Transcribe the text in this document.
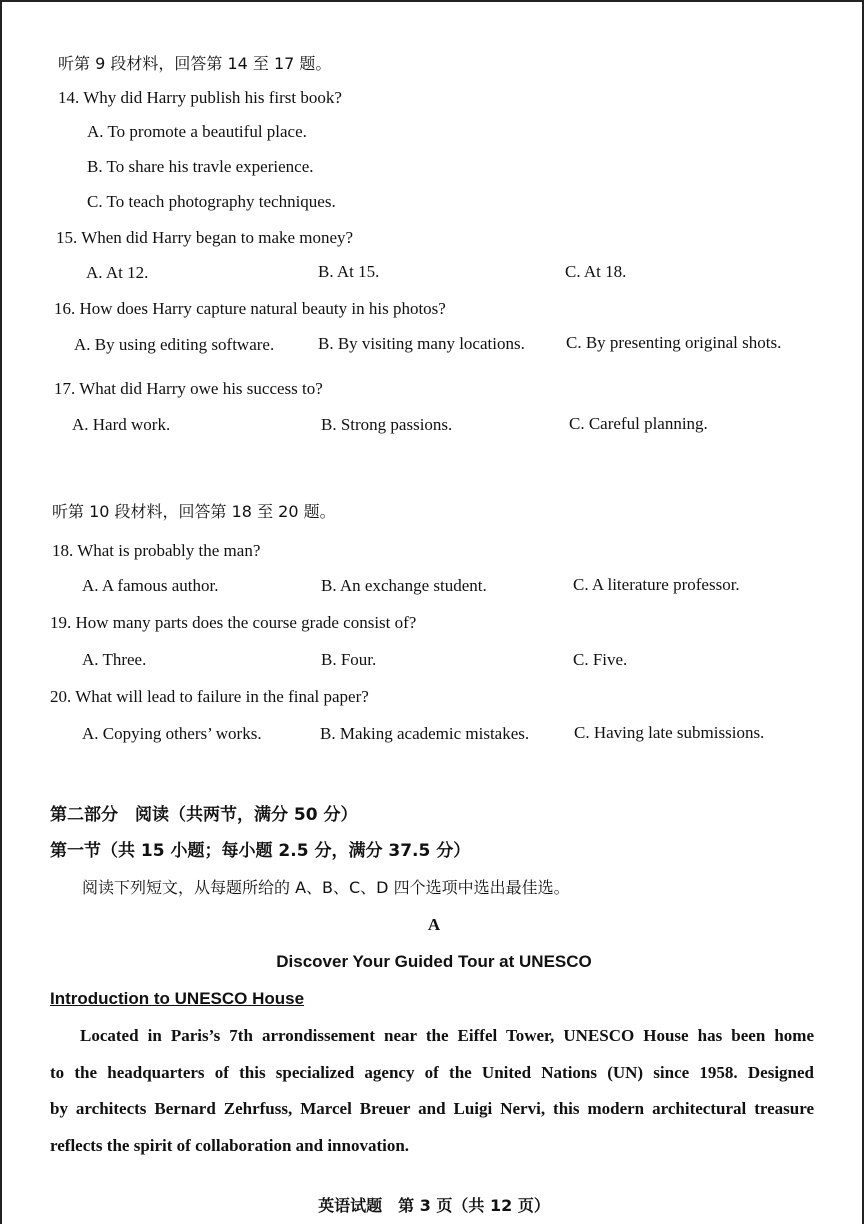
听第 9 段材料，回答第 14 至 17 题。
14. Why did Harry publish his first book?
A. To promote a beautiful place.
B. To share his travle experience.
C. To teach photography techniques.
15. When did Harry began to make money?
A. At 12.	B. At 15.	C. At 18.
16. How does Harry capture natural beauty in his photos?
A. By using editing software.	B. By visiting many locations. C. By presenting original shots.
17. What did Harry owe his success to?
A. Hard work.	B. Strong passions.	C. Careful planning.
听第 10 段材料，回答第 18 至 20 题。
18. What is probably the man?
A. A famous author.	B. An exchange student.	C. A literature professor.
19. How many parts does the course grade consist of?
A. Three.	B. Four.	C. Five.
20. What will lead to failure in the final paper?
A. Copying others’ works.	B. Making academic mistakes.	C. Having late submissions.
第二部分　阅读（共两节，满分 50 分）
第一节（共 15 小题；每小题 2.5 分，满分 37.5 分）
阅读下列短文，从每题所给的 A、B、C、D 四个选项中选出最佳选。
A
Discover Your Guided Tour at UNESCO
Introduction to UNESCO House
Located in Paris’s 7th arrondissement near the Eiffel Tower, UNESCO House has been home
to the headquarters of this specialized agency of the United Nations (UN) since 1958. Designed
by architects Bernard Zehrfuss, Marcel Breuer and Luigi Nervi, this modern architectural treasure
reflects the spirit of collaboration and innovation.
英语试题　第 3 页（共 12 页）
